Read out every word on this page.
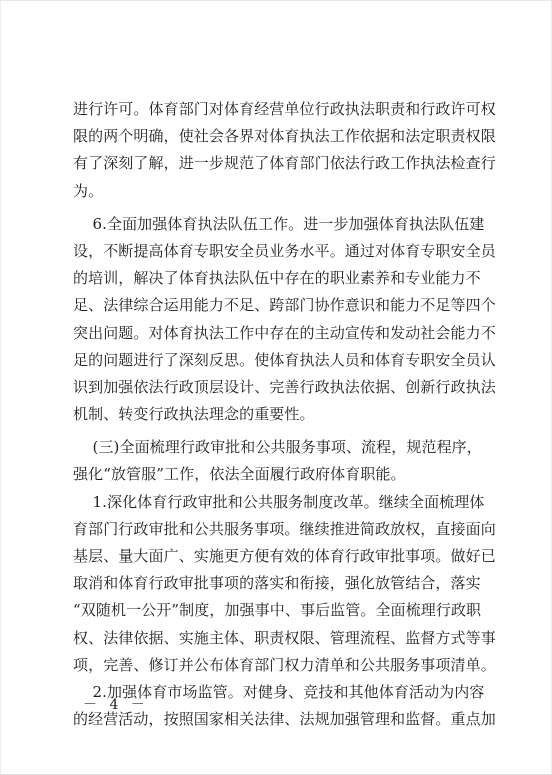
进行许可。体育部门对体育经营单位行政执法职责和行政许可权
限的两个明确，使社会各界对体育执法工作依据和法定职责权限
有了深刻了解，进一步规范了体育部门依法行政工作执法检查行
为。
6.全面加强体育执法队伍工作。进一步加强体育执法队伍建
设，不断提高体育专职安全员业务水平。通过对体育专职安全员
的培训，解决了体育执法队伍中存在的职业素养和专业能力不
足、法律综合运用能力不足、跨部门协作意识和能力不足等四个
突出问题。对体育执法工作中存在的主动宣传和发动社会能力不
足的问题进行了深刻反思。使体育执法人员和体育专职安全员认
识到加强依法行政顶层设计、完善行政执法依据、创新行政执法
机制、转变行政执法理念的重要性。
(三)全面梳理行政审批和公共服务事项、流程，规范程序，
强化“放管服”工作，依法全面履行政府体育职能。
1.深化体育行政审批和公共服务制度改革。继续全面梳理体
育部门行政审批和公共服务事项。继续推进简政放权，直接面向
基层、量大面广、实施更方便有效的体育行政审批事项。做好已
取消和体育行政审批事项的落实和衔接，强化放管结合，落实
“双随机一公开”制度，加强事中、事后监管。全面梳理行政职
权、法律依据、实施主体、职责权限、管理流程、监督方式等事
项，完善、修订并公布体育部门权力清单和公共服务事项清单。
2.加强体育市场监管。对健身、竞技和其他体育活动为内容
的经营活动，按照国家相关法律、法规加强管理和监督。重点加
－ 4 －
